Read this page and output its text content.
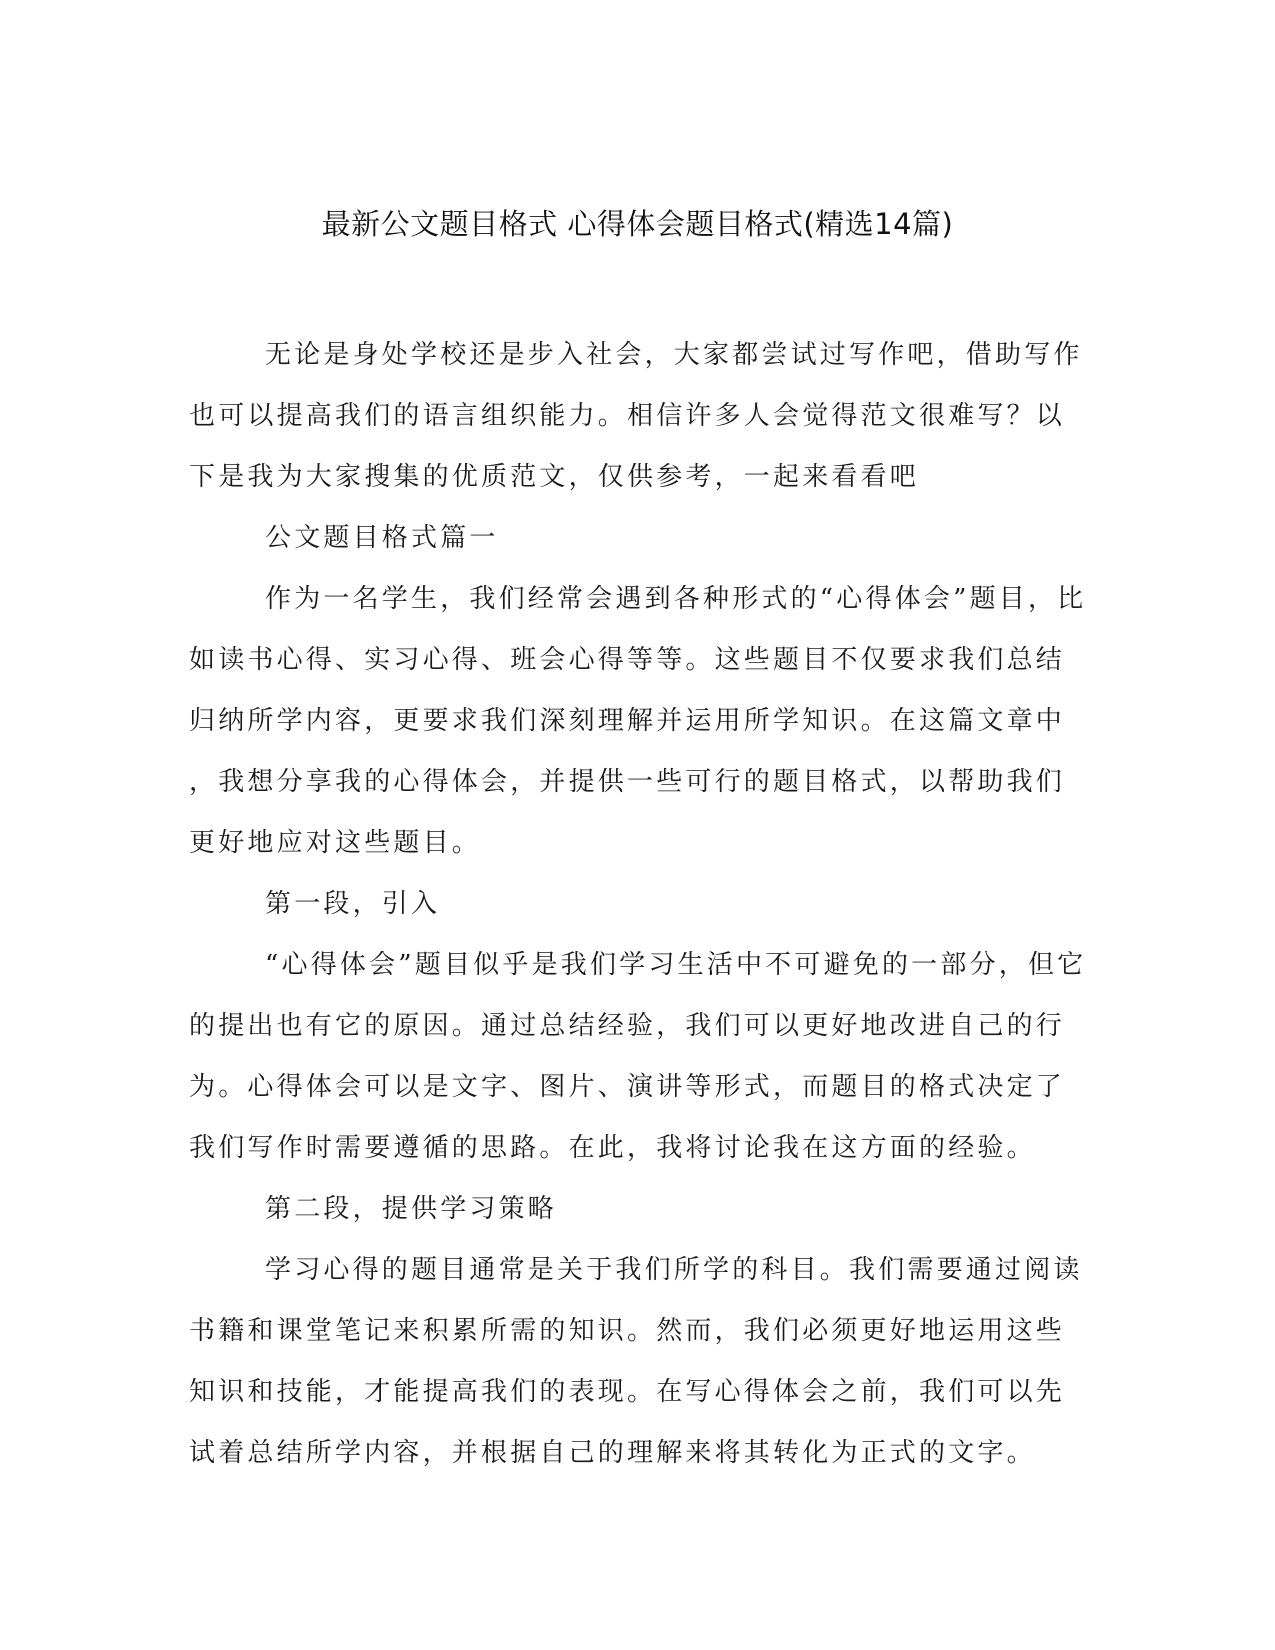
最新公文题目格式 心得体会题目格式(精选14篇)
无论是身处学校还是步入社会，大家都尝试过写作吧，借助写作
也可以提高我们的语言组织能力。相信许多人会觉得范文很难写？以
下是我为大家搜集的优质范文，仅供参考，一起来看看吧
公文题目格式篇一
作为一名学生，我们经常会遇到各种形式的“心得体会”题目，比
如读书心得、实习心得、班会心得等等。这些题目不仅要求我们总结
归纳所学内容，更要求我们深刻理解并运用所学知识。在这篇文章中
，我想分享我的心得体会，并提供一些可行的题目格式，以帮助我们
更好地应对这些题目。
第一段，引入
“心得体会”题目似乎是我们学习生活中不可避免的一部分，但它
的提出也有它的原因。通过总结经验，我们可以更好地改进自己的行
为。心得体会可以是文字、图片、演讲等形式，而题目的格式决定了
我们写作时需要遵循的思路。在此，我将讨论我在这方面的经验。
第二段，提供学习策略
学习心得的题目通常是关于我们所学的科目。我们需要通过阅读
书籍和课堂笔记来积累所需的知识。然而，我们必须更好地运用这些
知识和技能，才能提高我们的表现。在写心得体会之前，我们可以先
试着总结所学内容，并根据自己的理解来将其转化为正式的文字。
